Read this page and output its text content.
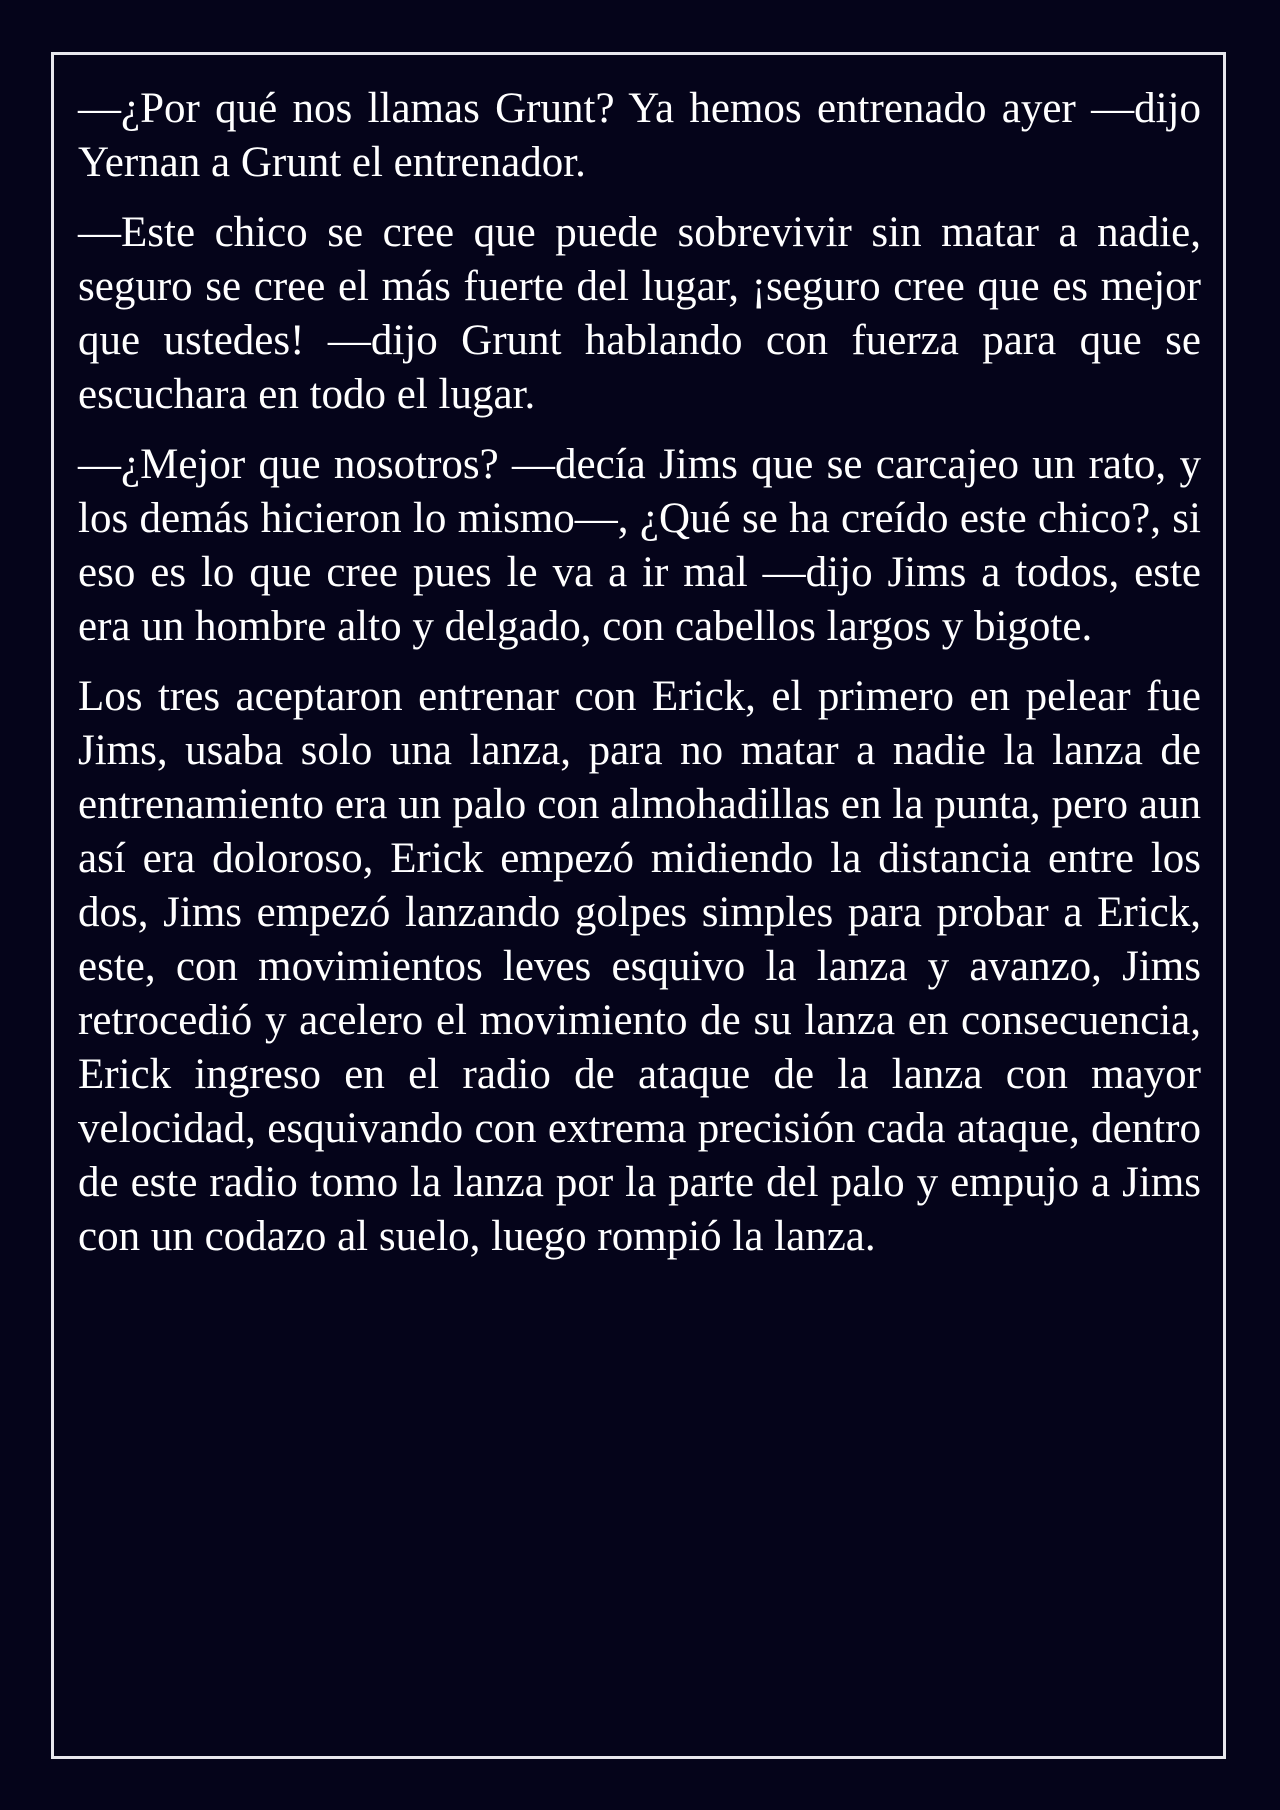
—¿Por qué nos llamas Grunt? Ya hemos entrenado ayer —dijo Yernan a Grunt el entrenador.

—Este chico se cree que puede sobrevivir sin matar a nadie, seguro se cree el más fuerte del lugar, ¡seguro cree que es mejor que ustedes! —dijo Grunt hablando con fuerza para que se escuchara en todo el lugar.

—¿Mejor que nosotros? —decía Jims que se carcajeo un rato, y los demás hicieron lo mismo—, ¿Qué se ha creído este chico?, si eso es lo que cree pues le va a ir mal —dijo Jims a todos, este era un hombre alto y delgado, con cabellos largos y bigote.

Los tres aceptaron entrenar con Erick, el primero en pelear fue Jims, usaba solo una lanza, para no matar a nadie la lanza de entrenamiento era un palo con almohadillas en la punta, pero aun así era doloroso, Erick empezó midiendo la distancia entre los dos, Jims empezó lanzando golpes simples para probar a Erick, este, con movimientos leves esquivo la lanza y avanzo, Jims retrocedió y acelero el movimiento de su lanza en consecuencia, Erick ingreso en el radio de ataque de la lanza con mayor velocidad, esquivando con extrema precisión cada ataque, dentro de este radio tomo la lanza por la parte del palo y empujo a Jims con un codazo al suelo, luego rompió la lanza.
